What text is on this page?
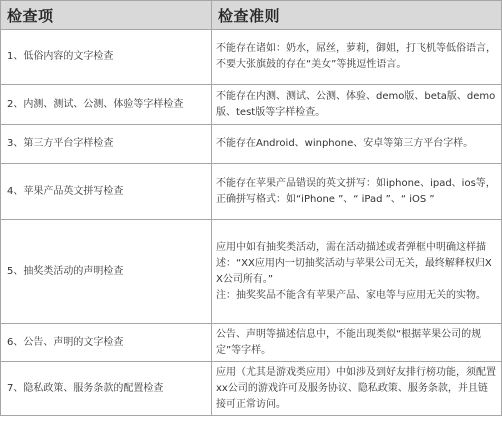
检查项	检查准则
1、低俗内容的文字检查	不能存在诸如：奶水，屌丝，萝莉，御姐，打飞机等低俗语言，不要大张旗鼓的存在“美女”等挑逗性语言。

2、内测、测试、公测、体验等字样检查	不能存在内测、测试、公测、体验、demo版、beta版、demo版、test版等字样检查。

3、第三方平台字样检查	不能存在Android、winphone、安卓等第三方平台字样。

4、苹果产品英文拼写检查	不能存在苹果产品错误的英文拼写：如iphone、ipad、ios等，正确拼写格式：如“iPhone ”、“ iPad ”、“ iOS ”

5、抽奖类活动的声明检查	应用中如有抽奖类活动，需在活动描述或者弹框中明确这样描述：“XX应用内一切抽奖活动与苹果公司无关，最终解释权归XX公司所有。”
注：抽奖奖品不能含有苹果产品、家电等与应用无关的实物。

6、公告、声明的文字检查	公告、声明等描述信息中，不能出现类似“根据苹果公司的规定”等字样。

7、隐私政策、服务条款的配置检查	应用（尤其是游戏类应用）中如涉及到好友排行榜功能，须配置xx公司的游戏许可及服务协议、隐私政策、服务条款，并且链接可正常访问。
